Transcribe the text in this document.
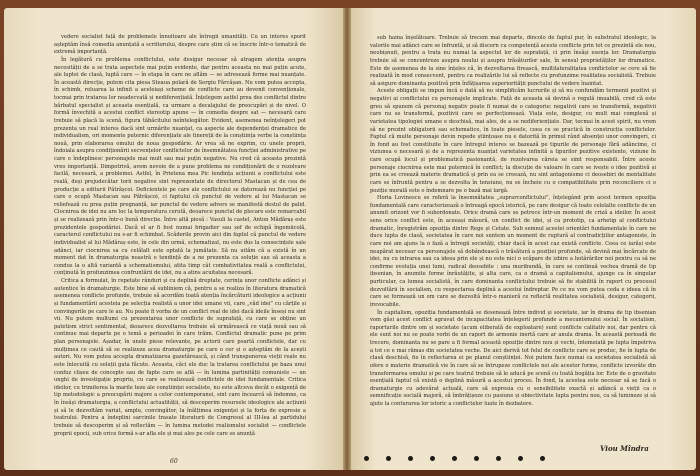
vedere socialist față de problemele înnoitoare ale întregii umanități. Cu un interes sporit așteptăm însă comedia anunțată a scriitorului, despre care știm că se înscrie într-o tematică de extremă importanță.

În legătură cu problema conflictului, este desigur necesar să atragem atenția asupra necesității de a se trata aspectele mai puțin evidente, dar pentru aceasta nu mai puțin acute, ale luptei de clasă, luptă care — în etapa în care ne aflăm — se adresează forme mai nuanțate. În această direcție, putem cita piesa Steaua polară de Sergiu Fărcășan. Nu vom putea accepta, în schimb, reluarea la infinit a aceleiași scheme de conflicte care au devenit convenționale, tocmai prin tratarea lor neadecvată și nediferențiată. Înțelegem astfel prea des conflictul dintre bărbatul specialist și aceasta esențială, ca urmare a decalajului de preocupări și de nivel. O formă învechită a acestui conflict stereotip apune — în comedia despre sat — necesară care trebuie să placă la scenă, figura tăbăcitului neîntelegător. Evident, asemenea neînțelegeri pot prezenta un real interes dacă sint urmărite nuanțat, ca aspecte ale dependenței dramatice de individualism, ori momente puternic diferențiate ale tinereții de la conștiința verbe la conștiința nouă, prin elaborarea omului de noua gospodărie. Ar vrea să ne exprim, cu unele proprii, îndoiala asupra condiționării secvențelor conflictelor de însemnătatea funcției administrative pe care o îndeplinesc personajele mai mult sau mai puțin negative. Nu cred că aceasta prezintă vreo importanță. Dimpotrivă, avem nevoie de a pune problema ne condiționării de o rezolvare facilă, necesară, a problemei. Astfel, în Prietena mea Pic tendința acțiunii a conflictului este reală, deși prejudecătar torii negative sint reprezentate de directorul Mastacan și de cea de producție a editurii Pătrășcoi. Deficientele pe care ale conflictului se datorează nu funcției pe care o ocupă Mastacan sau Pătrășcoi, ci faptului că punctul de vedere al lui Mastacan se reliefează cu prea puțin pregnanță, iar punctul de vedere advers se manifestă destul de palid. Ciocnirea de idei nu are loc la temperatura cerută, deoarece punctul de plecare este remarcabil și se realizează prin într-o bună direcție. Între altă piesă : Vasuli la castel, Anton Mădăraș este prezidentele gospodăriei. Dacă el ar fi fost numai brigadier sau șef de echipă îngemiicolă, caracterul conflictului nu s-ar fi schimbat. Scăderile provin aici din faptul că punctul de vedere individualist al lui Mădăraș este, în cele din urmă, schematizat, nu este dus la consecințele sale adânci, iar ciocnirea sa cu celălalt este optată la jumătate. Să nu uităm că a există în un moment dat în dramaturgia noastră o tendință de a ne prezenta ca soluție sau să aceasta a condus la o altă variantă a schematismului, atita timp cât combativitatea reală a conflictului, conținută în profunzimea confruntării de idei, nu a atins acuitatea necesară.

Critica a formulat, în repetate rânduri și cu deplină dreptate, cerința unor conflicte adânci și autentice în dramaturgie. Este bine să subliniem că, pentru a se realiza în literatura dramatică asemenea conflicte profunde, trebuie să acordăm toată atenția încărcăturii ideologice a acțiunii și fundamentării acesteia pe selecția realistă a unor idei umane vii, care „văd idei” cu cărțile și convingerile pe care le au. Nu poate fi vorba de un conflict real de idei dacă ideile înseși nu sint vii. Nu putem multumi cu prezentarea unor conflicte de suprafață, cu care se obține un patetism strict sentimental, deoarece dezvoltarea trebuie să urmărească ce viață nouă sau să continue mai departe pe o temă a perioadei în care trăim. Conflictul dramatic pune pe prim plan personajele. Așadar, în unele piese relevante, pe actorii care poartă conflictele, dar cu mulțimea ce caută să se realizeze acea dramaturgie pe care o cer și o așteptăm de la acești autori. Nu vom putea accepta dramatizarea gazetărească, și când transpunerea vieții reale nu este înlocuită cu soluții gata făcute. Aceasta, căci ele duc la tratarea conflictului pe baza unui confuz clișeu de concepte sau de fapte care se află — în lumina partinității comuniste — un unghi de investigație propriu, cu care se realizează conflictele de idei fundamentale. Critica ideilor, cu trimiterea la marile teze ale conștiinței socialiste, nu este altceva decât o exigență de tip metodologic a preocupării majore a celor contemporanei, sint care încearcă să îndemne, ca în însăși dramaturgia, a conflictului actualității, să descoperim resursele ideologice ale acțiunii și să le dezvoltăm variat, amplu, convingător, la înălțimea exigenței și la forța de expresie a teatrului. Pentru a îndeplini sarcinile trasate literaturii de Congresul al III-lea al partidului trebuie să descoperim și să reflectăm — în lumina metodei realismului socialist — conflictele proprii epocii, sub orice formă s-ar afla ele și mai ales pe cele care se anunță

60

sub haina înșelătoare. Trebuie să trecem mai departe, dincolo de faptul pur, în substratul ideologic, la valorile mai adânci care se înfruntă, și să discern cu competență aceste conflicte prin tot ce prezintă ele nou, neobișnuit, pentru a trata nu numai la aspectul lor de suprafață, ci prin însăși esența lor. Dramaturgia trebuie să se concentreze asupra noului și asupra trăsăturilor sale, în sensul proprietăților lor dramatice. Este de asemenea de la sine înțeles că, în dezvoltarea firească, multilateralitatea conflictelor se cere să fie realizată în mod consecvent, pentru ca realizările lui să reflecte cu profunzime realitatea socialistă. Trebuie să asigure dominanta pozitivă prin înfățișarea superiorității punctului de vedere înaintat.

Aceste obligații se impun încă o dată să nu simplificăm lucrurile și să nu confundăm termenii pozitivi și negativi ai conflictului cu personajele implicate. Față de aceasta să devină o regulă imuabilă, cred că este greu să spunem că personaj negativ poate fi numai de o categorie: negativii care se transformă, negativii care nu se transformă, pozitivii care se perfecționează. Viața este, desigur, cu mult mai complexă și varietatea tipologiei umane e deschisă, mai ales, de a se nediferiențiate. Dar, tocmai în acest spirit, nu vrem să ne prezint obligatorii sau schematice, în toate piesele, ceea ce se practică în construcția conflictelor. Faptul că multe personaje devin repede științoase nu e datorită în primul rând absenței unor convingeri, ci în fond au fost constituite în care întregul interes se bazează pe tipurile de personaje fără adâncime, ci viziunea e necesară și de a reprezenta nuanțat varietatea infinită a tipurilor pozitive existente, viziune în care ocupă locul și problematică pasionantă, de rezolvarea căreia se simt responsabili. Între aceste personaje ciocnirea este mai puternică în conflict; la discuție de valoare în care se ivește o idee pozitivă și prin ea se creează materie dramatică și prin ea se creează, nu sint antagonisme ci deosebiri de mentalitate care se înfruntă pentru a se dezvolta în tensiune, nu se încheie cu o compatibilitate prin reconciliere ci o poziție morală este o îndemnare pe o bază mai largă.

Horia Lovinescu se referă la însemnătatea „suprarconflictului”, înțelegând prin acest termen opoziția fundamentală care caracterizează o întreagă epocă istorică, pe care desigur că toate celelalte conflicte de un anumit orizont vor fi subordonate. Orice dramă care se petrece într-un moment de criză a ideilor. În acest sens orice conflict este, în aceeași măsură, un conflict de idei, și ca prototip, ca arhetip al conflictului dramatic, înregistrăm opoziția dintre Rege și Cetate. Sub semnul acestei orientări fundamentale în care ne duce lupta de clasă, societatea în care noi suntem un moment de ruptură al contradicțiilor antagoniste, în care noi am ajuns la o fază a întregii societăți, chiar dacă în acest caz există conflicte. Ceea ce iarăși este neapărat necesar ca personajele să dobândească o trăsătură a poziției profunde, să devină mai încărcate de idei, nu cu intrarea sau ca ideea prin ele și nu este nici o scăpare de izbire a hotărârilor noi pentru ca să ne confirme evoluția unei lumi, radical deosebite : una muribundă, în care se continuă vechea dramă de tip ibsenian, în anumite forme înrăutățite, și alta care, ca o dramă a capitalismului, ajunge ca în singular particular, ca lumea socialistă, în care dominanta conflictului trebuie să fie stabilită în raport cu procesul dezvoltării în socialism, cu respectarea deplină a acestui îndreptar. Pe ce nu vom putea ceda e ideea că în care se formează un om care se dezvoltă într-o manieră ce reflectă realitatea socialistă, desigur, categorii, irevocabile.

În capitalism, opoziția fundamentală se desenează între individ și societate, iar în drama de tip ibsenian vom găsi acest conflict agravat de incapacitatea înțelegerii profunde a mecanismului social. În socialism, raporturile dintre om și societate (acum eliberată de exploatare) sunt conflicte calitativ noi, dar pentru că ele sunt noi nu se poate vorbi de un raport de armonie inertă care ar anula drama. În această perioadă de trecere, dominanta nu se pare a fi formal această opoziție dintre nou și vechi, întemeiată pe lupta împotriva a tot ce e mai rămas din societatea veche. De aici derivă tot felul de conflicte care se produc, fie în lupta de clasă deschisă, fie în reflectarea ei pe planul conștiinței. Noi putem face numai ca societatea socialistă să ofere o materie dramatică vie în care să se întrupeze conflictele noi ale acestor forme, conflicte izvorâte din transformarea omului și pe care teatrul trebuie să le aducă pe scenă cu toată bogăția lor. Este de o gravitate esențială faptul că există o deplină măsură a acestui proces. În fond, la acestea este necesar să se facă o dramaturgie cu adevărat actuală, care să expresia cu o sensibilitate exactă și adâncă a vieții ca o semnificație socială majoră, să îmbrățișeze cu pasiune și obiectivitate lupta pentru nou, ca să lumineze și să ajute la conturarea lor istoric a conflictelor luate în dezbatere.

Viou Mîndra
